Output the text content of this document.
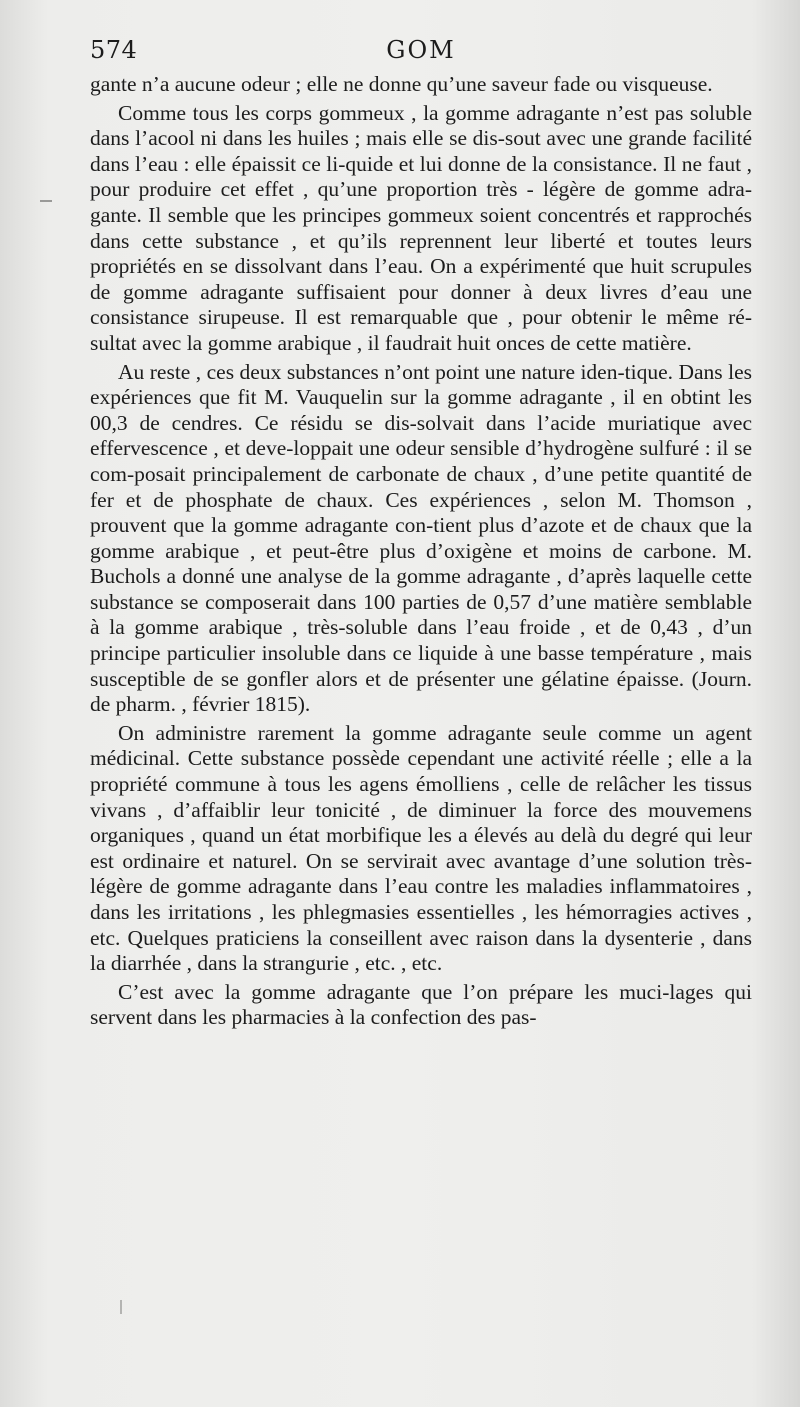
574	GOM

gante n’a aucune odeur ; elle ne donne qu’une saveur fade ou visqueuse.

Comme tous les corps gommeux , la gomme adragante n’est pas soluble dans l’acool ni dans les huiles ; mais elle se dis-sout avec une grande facilité dans l’eau : elle épaissit ce li-quide et lui donne de la consistance. Il ne faut , pour produire cet effet , qu’une proportion très - légère de gomme adra-gante. Il semble que les principes gommeux soient concentrés et rapprochés dans cette substance , et qu’ils reprennent leur liberté et toutes leurs propriétés en se dissolvant dans l’eau. On a expérimenté que huit scrupules de gomme adragante suffisaient pour donner à deux livres d’eau une consistance sirupeuse. Il est remarquable que , pour obtenir le même ré-sultat avec la gomme arabique , il faudrait huit onces de cette matière.

Au reste , ces deux substances n’ont point une nature iden-tique. Dans les expériences que fit M. Vauquelin sur la gomme adragante , il en obtint les 00,3 de cendres. Ce résidu se dis-solvait dans l’acide muriatique avec effervescence , et deve-loppait une odeur sensible d’hydrogène sulfuré : il se com-posait principalement de carbonate de chaux , d’une petite quantité de fer et de phosphate de chaux. Ces expériences , selon M. Thomson , prouvent que la gomme adragante con-tient plus d’azote et de chaux que la gomme arabique , et peut-être plus d’oxigène et moins de carbone. M. Buchols a donné une analyse de la gomme adragante , d’après laquelle cette substance se composerait dans 100 parties de 0,57 d’une matière semblable à la gomme arabique , très-soluble dans l’eau froide , et de 0,43 , d’un principe particulier insoluble dans ce liquide à une basse température , mais susceptible de se gonfler alors et de présenter une gélatine épaisse. (Journ. de pharm. , février 1815).

On administre rarement la gomme adragante seule comme un agent médicinal. Cette substance possède cependant une activité réelle ; elle a la propriété commune à tous les agens émolliens , celle de relâcher les tissus vivans , d’affaiblir leur tonicité , de diminuer la force des mouvemens organiques , quand un état morbifique les a élevés au delà du degré qui leur est ordinaire et naturel. On se servirait avec avantage d’une solution très-légère de gomme adragante dans l’eau contre les maladies inflammatoires , dans les irritations , les phlegmasies essentielles , les hémorragies actives , etc. Quelques praticiens la conseillent avec raison dans la dysenterie , dans la diarrhée , dans la strangurie , etc. , etc.

C’est avec la gomme adragante que l’on prépare les muci-lages qui servent dans les pharmacies à la confection des pas-
